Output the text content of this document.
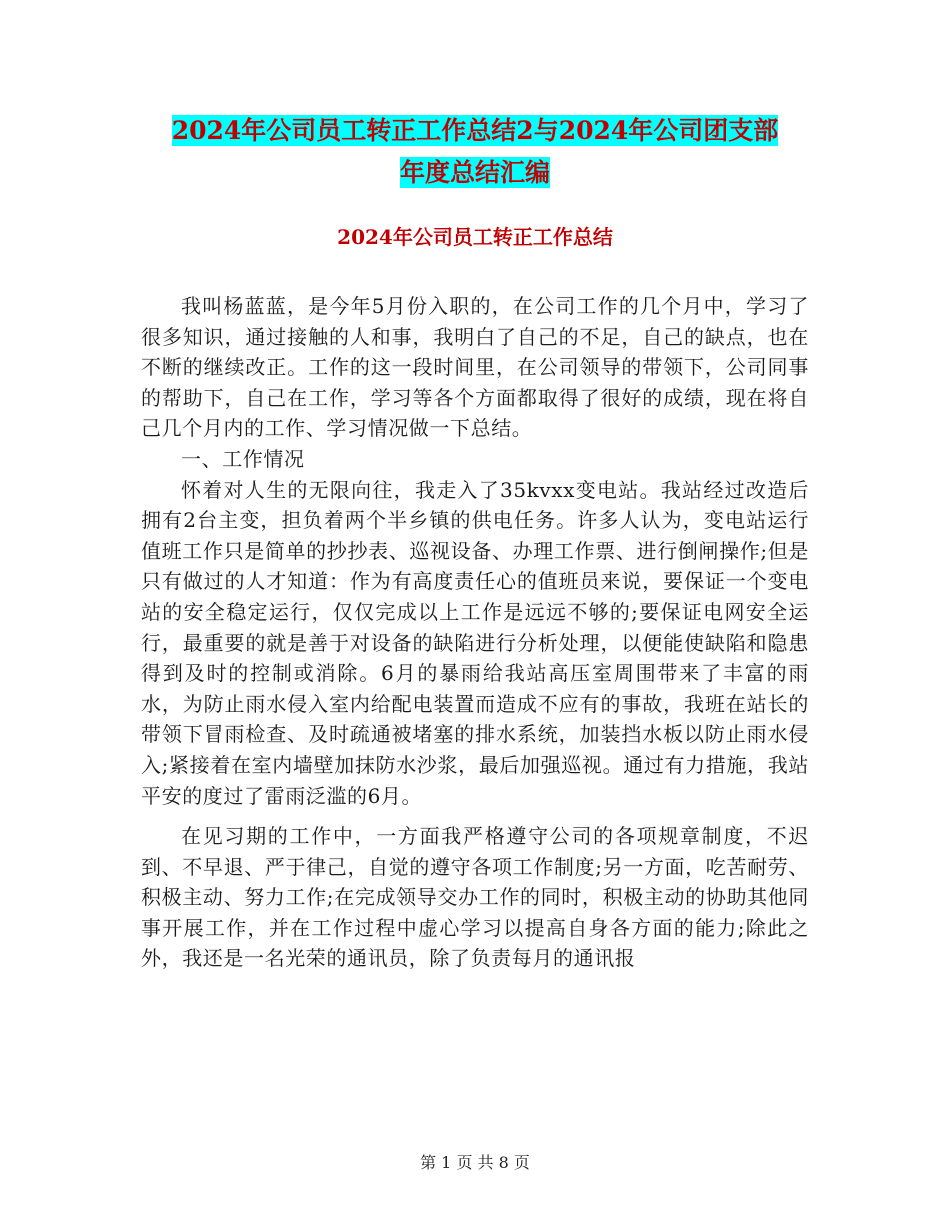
2024年公司员工转正工作总结2与2024年公司团支部
年度总结汇编
2024年公司员工转正工作总结

我叫杨蓝蓝，是今年5月份入职的，在公司工作的几个月中，学习了很多知识，通过接触的人和事，我明白了自己的不足，自己的缺点，也在不断的继续改正。工作的这一段时间里，在公司领导的带领下，公司同事的帮助下，自己在工作，学习等各个方面都取得了很好的成绩，现在将自己几个月内的工作、学习情况做一下总结。

一、工作情况

怀着对人生的无限向往，我走入了35kvxx变电站。我站经过改造后拥有2台主变，担负着两个半乡镇的供电任务。许多人认为，变电站运行值班工作只是简单的抄抄表、巡视设备、办理工作票、进行倒闸操作;但是只有做过的人才知道：作为有高度责任心的值班员来说，要保证一个变电站的安全稳定运行，仅仅完成以上工作是远远不够的;要保证电网安全运行，最重要的就是善于对设备的缺陷进行分析处理，以便能使缺陷和隐患得到及时的控制或消除。6月的暴雨给我站高压室周围带来了丰富的雨水，为防止雨水侵入室内给配电装置而造成不应有的事故，我班在站长的带领下冒雨检查、及时疏通被堵塞的排水系统，加装挡水板以防止雨水侵入;紧接着在室内墙壁加抹防水沙浆，最后加强巡视。通过有力措施，我站平安的度过了雷雨泛滥的6月。

在见习期的工作中，一方面我严格遵守公司的各项规章制度，不迟到、不早退、严于律己，自觉的遵守各项工作制度;另一方面，吃苦耐劳、积极主动、努力工作;在完成领导交办工作的同时，积极主动的协助其他同事开展工作，并在工作过程中虚心学习以提高自身各方面的能力;除此之外，我还是一名光荣的通讯员，除了负责每月的通讯报

第 1 页 共 8 页
